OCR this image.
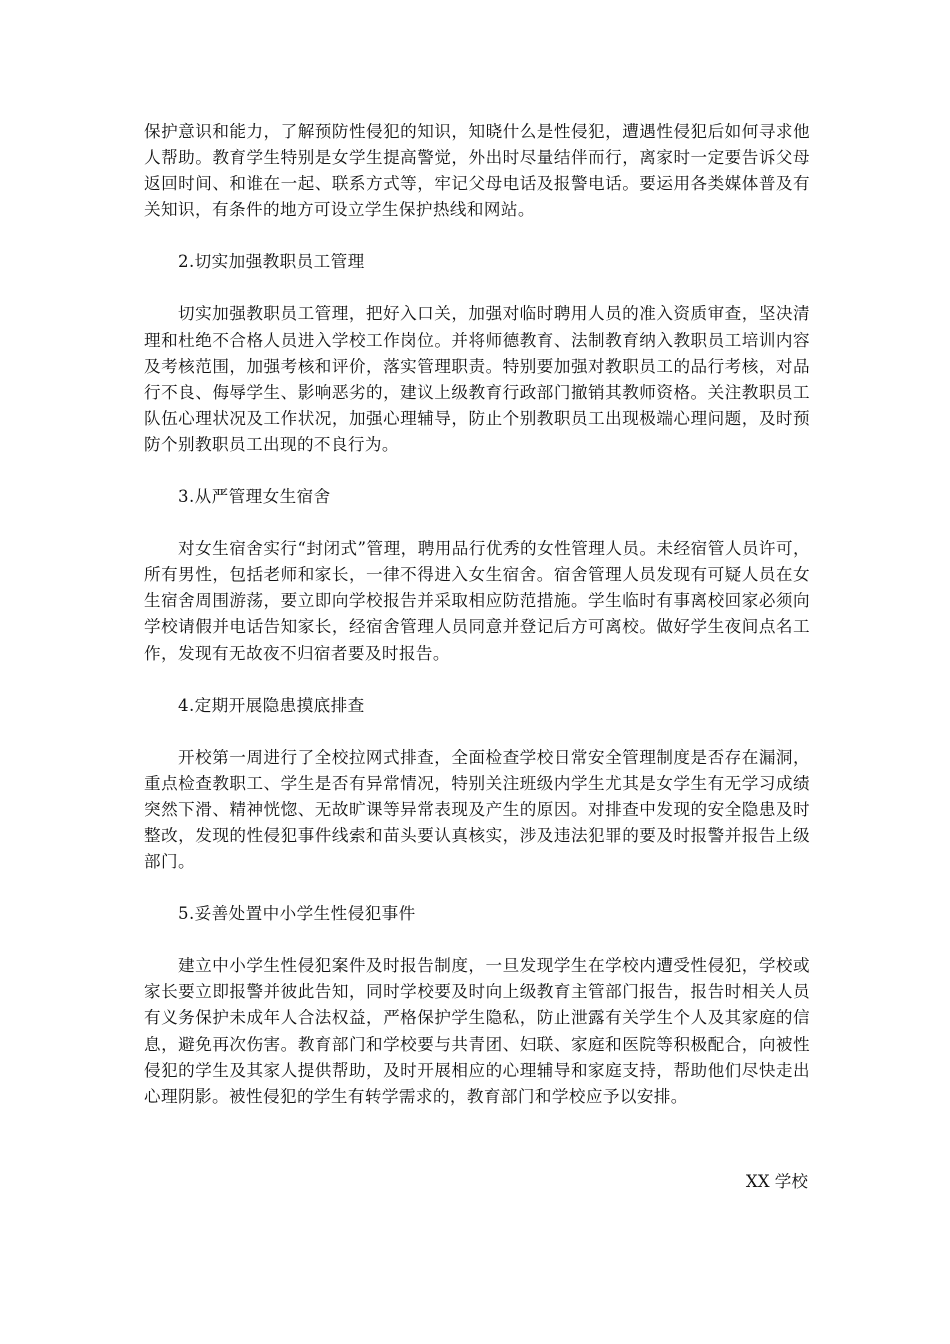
保护意识和能力，了解预防性侵犯的知识，知晓什么是性侵犯，遭遇性侵犯后如何寻求他人帮助。教育学生特别是女学生提高警觉，外出时尽量结伴而行，离家时一定要告诉父母返回时间、和谁在一起、联系方式等，牢记父母电话及报警电话。要运用各类媒体普及有关知识，有条件的地方可设立学生保护热线和网站。

2.切实加强教职员工管理

切实加强教职员工管理，把好入口关，加强对临时聘用人员的准入资质审查，坚决清理和杜绝不合格人员进入学校工作岗位。并将师德教育、法制教育纳入教职员工培训内容及考核范围，加强考核和评价，落实管理职责。特别要加强对教职员工的品行考核，对品行不良、侮辱学生、影响恶劣的，建议上级教育行政部门撤销其教师资格。关注教职员工队伍心理状况及工作状况，加强心理辅导，防止个别教职员工出现极端心理问题，及时预防个别教职员工出现的不良行为。

3.从严管理女生宿舍

对女生宿舍实行“封闭式”管理，聘用品行优秀的女性管理人员。未经宿管人员许可，所有男性，包括老师和家长，一律不得进入女生宿舍。宿舍管理人员发现有可疑人员在女生宿舍周围游荡，要立即向学校报告并采取相应防范措施。学生临时有事离校回家必须向学校请假并电话告知家长，经宿舍管理人员同意并登记后方可离校。做好学生夜间点名工作，发现有无故夜不归宿者要及时报告。

4.定期开展隐患摸底排查

开校第一周进行了全校拉网式排查，全面检查学校日常安全管理制度是否存在漏洞，重点检查教职工、学生是否有异常情况，特别关注班级内学生尤其是女学生有无学习成绩突然下滑、精神恍惚、无故旷课等异常表现及产生的原因。对排查中发现的安全隐患及时整改，发现的性侵犯事件线索和苗头要认真核实，涉及违法犯罪的要及时报警并报告上级部门。

5.妥善处置中小学生性侵犯事件

建立中小学生性侵犯案件及时报告制度，一旦发现学生在学校内遭受性侵犯，学校或家长要立即报警并彼此告知，同时学校要及时向上级教育主管部门报告，报告时相关人员有义务保护未成年人合法权益，严格保护学生隐私，防止泄露有关学生个人及其家庭的信息，避免再次伤害。教育部门和学校要与共青团、妇联、家庭和医院等积极配合，向被性侵犯的学生及其家人提供帮助，及时开展相应的心理辅导和家庭支持，帮助他们尽快走出心理阴影。被性侵犯的学生有转学需求的，教育部门和学校应予以安排。

XX 学校
